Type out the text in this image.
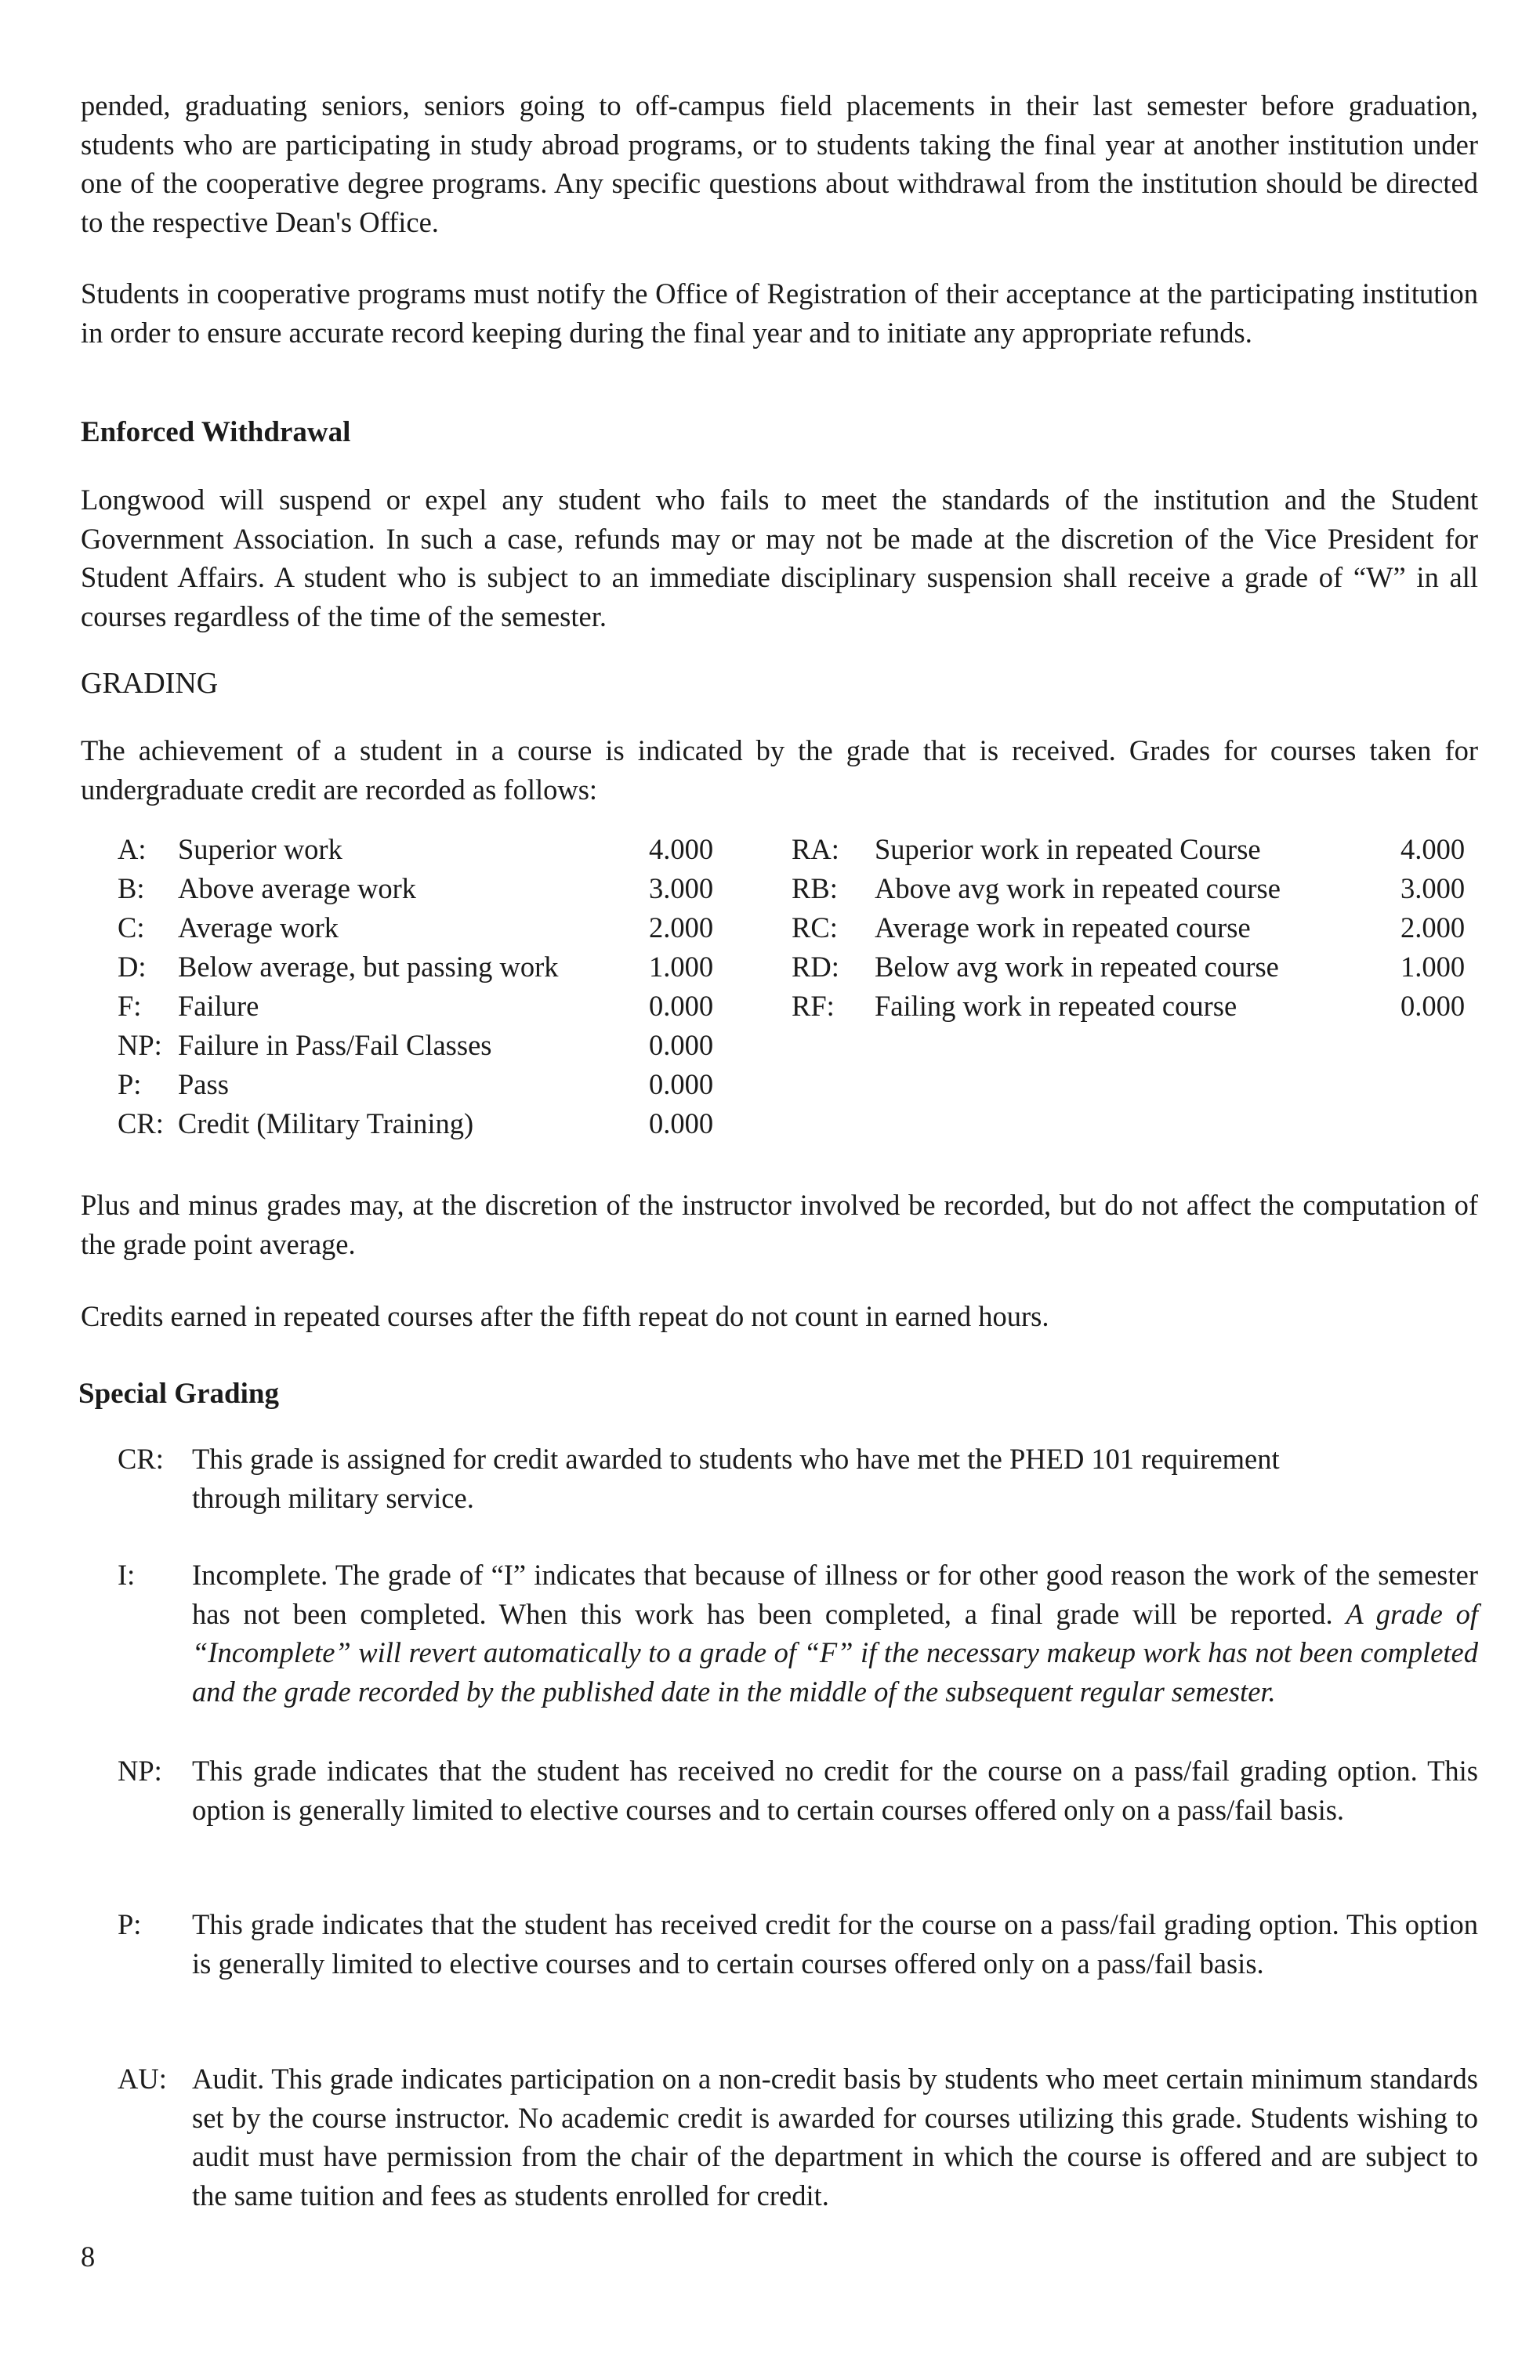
pended, graduating seniors, seniors going to off-campus field placements in their last semester before graduation, students who are participating in study abroad programs, or to students taking the final year at another institution under one of the cooperative degree programs. Any specific questions about withdrawal from the institution should be directed to the respective Dean's Office.

Students in cooperative programs must notify the Office of Registration of their acceptance at the participating institution in order to ensure accurate record keeping during the final year and to initiate any appropriate refunds.

Enforced Withdrawal

Longwood will suspend or expel any student who fails to meet the standards of the institution and the Student Government Association. In such a case, refunds may or may not be made at the discretion of the Vice President for Student Affairs. A student who is subject to an immediate disciplinary suspension shall receive a grade of “W” in all courses regardless of the time of the semester.

GRADING

The achievement of a student in a course is indicated by the grade that is received. Grades for courses taken for undergraduate credit are recorded as follows:

A: Superior work	4.000
B: Above average work	3.000
C: Average work	2.000
D: Below average, but passing work	1.000
F: Failure	0.000
NP: Failure in Pass/Fail Classes	0.000
P: Pass	0.000
CR: Credit (Military Training)	0.000
RA: Superior work in repeated Course	4.000
RB: Above avg work in repeated course	3.000
RC: Average work in repeated course	2.000
RD: Below avg work in repeated course	1.000
RF: Failing work in repeated course	0.000

Plus and minus grades may, at the discretion of the instructor involved be recorded, but do not affect the computation of the grade point average.

Credits earned in repeated courses after the fifth repeat do not count in earned hours.

Special Grading
CR: This grade is assigned for credit awarded to students who have met the PHED 101 requirement through military service.
I: Incomplete. The grade of “I” indicates that because of illness or for other good reason the work of the semester has not been completed. When this work has been completed, a final grade will be reported. A grade of “Incomplete” will revert automatically to a grade of “F” if the necessary makeup work has not been completed and the grade recorded by the published date in the middle of the subsequent regular semester.
NP: This grade indicates that the student has received no credit for the course on a pass/fail grading option. This option is generally limited to elective courses and to certain courses offered only on a pass/fail basis.
P: This grade indicates that the student has received credit for the course on a pass/fail grading option. This option is generally limited to elective courses and to certain courses offered only on a pass/fail basis.
AU: Audit. This grade indicates participation on a non-credit basis by students who meet certain minimum standards set by the course instructor. No academic credit is awarded for courses utilizing this grade. Students wishing to audit must have permission from the chair of the department in which the course is offered and are subject to the same tuition and fees as students enrolled for credit.
8
